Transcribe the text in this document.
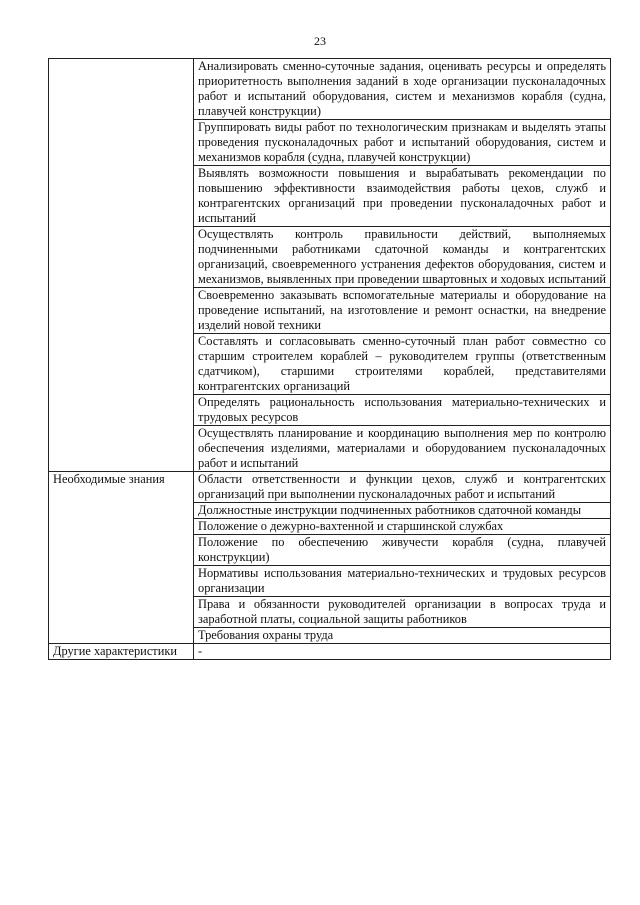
23
	Анализировать сменно-суточные задания, оценивать ресурсы и определять приоритетность выполнения заданий в ходе организации пусконаладочных работ и испытаний оборудования, систем и механизмов корабля (судна, плавучей конструкции)
	Группировать виды работ по технологическим признакам и выделять этапы проведения пусконаладочных работ и испытаний оборудования, систем и механизмов корабля (судна, плавучей конструкции)
	Выявлять возможности повышения и вырабатывать рекомендации по повышению эффективности взаимодействия работы цехов, служб и контрагентских организаций при проведении пусконаладочных работ и испытаний
	Осуществлять контроль правильности действий, выполняемых подчиненными работниками сдаточной команды и контрагентских организаций, своевременного устранения дефектов оборудования, систем и механизмов, выявленных при проведении швартовных и ходовых испытаний
	Своевременно заказывать вспомогательные материалы и оборудование на проведение испытаний, на изготовление и ремонт оснастки, на внедрение изделий новой техники
	Составлять и согласовывать сменно-суточный план работ совместно со старшим строителем кораблей – руководителем группы (ответственным сдатчиком), старшими строителями кораблей, представителями контрагентских организаций
	Определять рациональность использования материально-технических и трудовых ресурсов
	Осуществлять планирование и координацию выполнения мер по контролю обеспечения изделиями, материалами и оборудованием пусконаладочных работ и испытаний
Необходимые знания	Области ответственности и функции цехов, служб и контрагентских организаций при выполнении пусконаладочных работ и испытаний
	Должностные инструкции подчиненных работников сдаточной команды
	Положение о дежурно-вахтенной и старшинской службах
	Положение по обеспечению живучести корабля (судна, плавучей конструкции)
	Нормативы использования материально-технических и трудовых ресурсов организации
	Права и обязанности руководителей организации в вопросах труда и заработной платы, социальной защиты работников
	Требования охраны труда
Другие характеристики	-
